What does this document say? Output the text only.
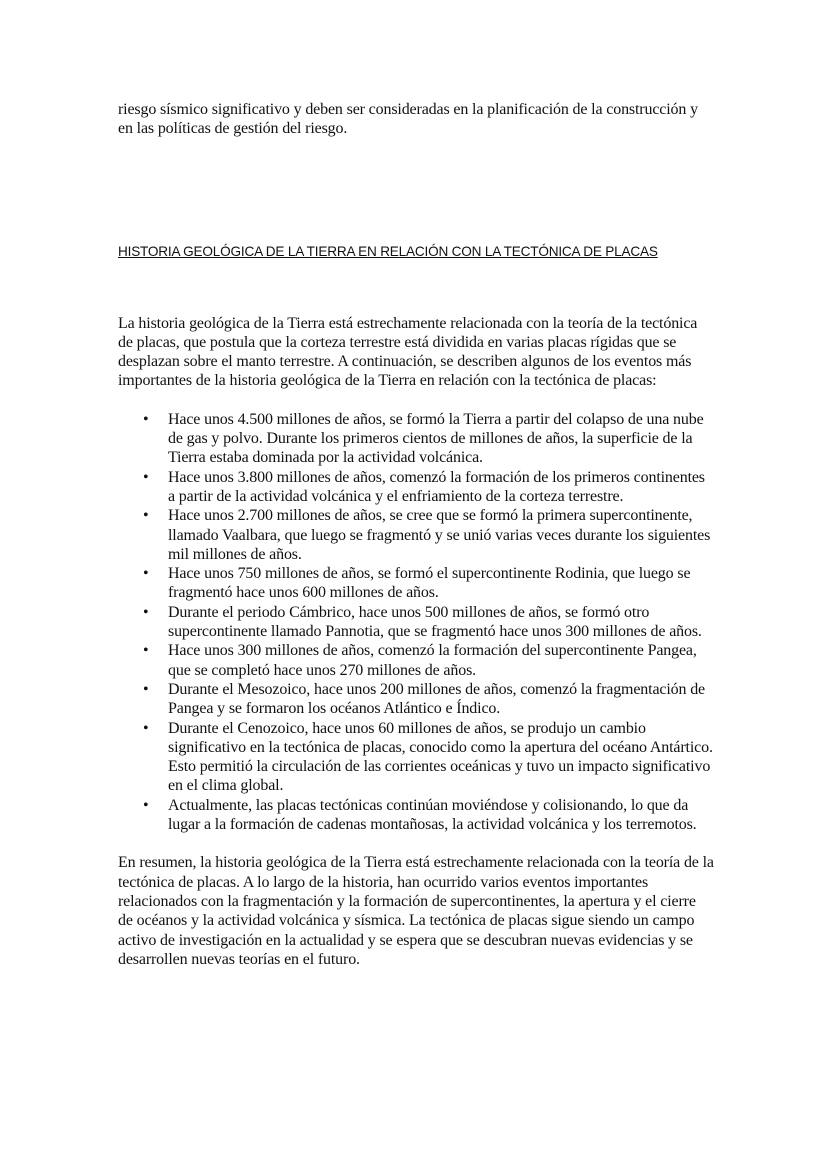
riesgo sísmico significativo y deben ser consideradas en la planificación de la construcción y en las políticas de gestión del riesgo.

HISTORIA GEOLÓGICA DE LA TIERRA EN RELACIÓN CON LA TECTÓNICA DE PLACAS

La historia geológica de la Tierra está estrechamente relacionada con la teoría de la tectónica de placas, que postula que la corteza terrestre está dividida en varias placas rígidas que se desplazan sobre el manto terrestre. A continuación, se describen algunos de los eventos más importantes de la historia geológica de la Tierra en relación con la tectónica de placas:

• Hace unos 4.500 millones de años, se formó la Tierra a partir del colapso de una nube de gas y polvo. Durante los primeros cientos de millones de años, la superficie de la Tierra estaba dominada por la actividad volcánica.
• Hace unos 3.800 millones de años, comenzó la formación de los primeros continentes a partir de la actividad volcánica y el enfriamiento de la corteza terrestre.
• Hace unos 2.700 millones de años, se cree que se formó la primera supercontinente, llamado Vaalbara, que luego se fragmentó y se unió varias veces durante los siguientes mil millones de años.
• Hace unos 750 millones de años, se formó el supercontinente Rodinia, que luego se fragmentó hace unos 600 millones de años.
• Durante el periodo Cámbrico, hace unos 500 millones de años, se formó otro supercontinente llamado Pannotia, que se fragmentó hace unos 300 millones de años.
• Hace unos 300 millones de años, comenzó la formación del supercontinente Pangea, que se completó hace unos 270 millones de años.
• Durante el Mesozoico, hace unos 200 millones de años, comenzó la fragmentación de Pangea y se formaron los océanos Atlántico e Índico.
• Durante el Cenozoico, hace unos 60 millones de años, se produjo un cambio significativo en la tectónica de placas, conocido como la apertura del océano Antártico. Esto permitió la circulación de las corrientes oceánicas y tuvo un impacto significativo en el clima global.
• Actualmente, las placas tectónicas continúan moviéndose y colisionando, lo que da lugar a la formación de cadenas montañosas, la actividad volcánica y los terremotos.

En resumen, la historia geológica de la Tierra está estrechamente relacionada con la teoría de la tectónica de placas. A lo largo de la historia, han ocurrido varios eventos importantes relacionados con la fragmentación y la formación de supercontinentes, la apertura y el cierre de océanos y la actividad volcánica y sísmica. La tectónica de placas sigue siendo un campo activo de investigación en la actualidad y se espera que se descubran nuevas evidencias y se desarrollen nuevas teorías en el futuro.
